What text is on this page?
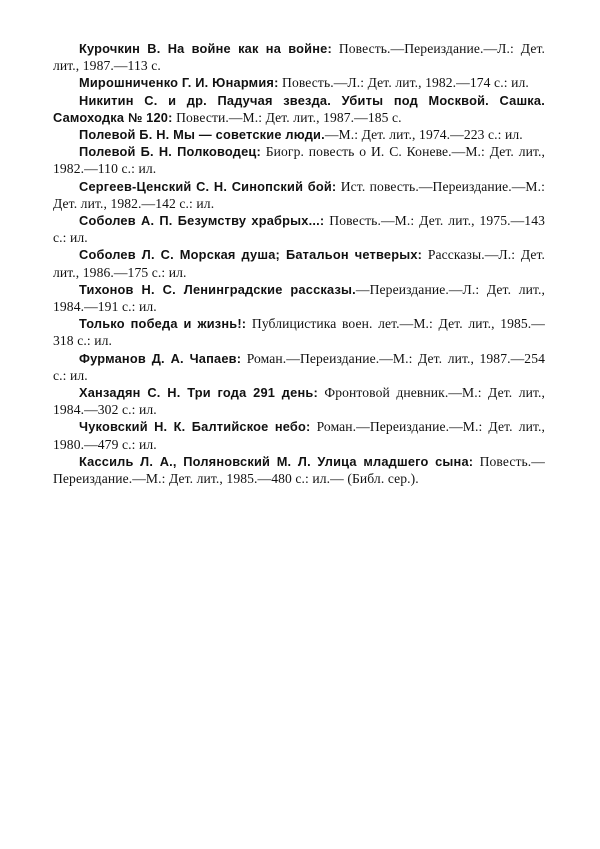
Курочкин В. На войне как на войне: Повесть.—Переиздание.—Л.: Дет. лит., 1987.—113 с.

Мирошниченко Г. И. Юнармия: Повесть.—Л.: Дет. лит., 1982.—174 с.: ил.

Никитин С. и др. Падучая звезда. Убиты под Москвой. Сашка. Самоходка № 120: Повести.—М.: Дет. лит., 1987.—185 с.

Полевой Б. Н. Мы — советские люди.—М.: Дет. лит., 1974.—223 с.: ил.

Полевой Б. Н. Полководец: Биогр. повесть о И. С. Коневе.—М.: Дет. лит., 1982.—110 с.: ил.

Сергеев-Ценский С. Н. Синопский бой: Ист. повесть.—Переиздание.—М.: Дет. лит., 1982.—142 с.: ил.

Соболев А. П. Безумству храбрых...: Повесть.—М.: Дет. лит., 1975.—143 с.: ил.

Соболев Л. С. Морская душа; Батальон четверых: Рассказы.—Л.: Дет. лит., 1986.—175 с.: ил.

Тихонов Н. С. Ленинградские рассказы.—Переиздание.—Л.: Дет. лит., 1984.—191 с.: ил.

Только победа и жизнь!: Публицистика воен. лет.—М.: Дет. лит., 1985.—318 с.: ил.

Фурманов Д. А. Чапаев: Роман.—Переиздание.—М.: Дет. лит., 1987.—254 с.: ил.

Ханзадян С. Н. Три года 291 день: Фронтовой дневник.—М.: Дет. лит., 1984.—302 с.: ил.

Чуковский Н. К. Балтийское небо: Роман.—Переиздание.—М.: Дет. лит., 1980.—479 с.: ил.

Кассиль Л. А., Поляновский М. Л. Улица младшего сына: Повесть.—Переиздание.—М.: Дет. лит., 1985.—480 с.: ил.— (Библ. сер.).
